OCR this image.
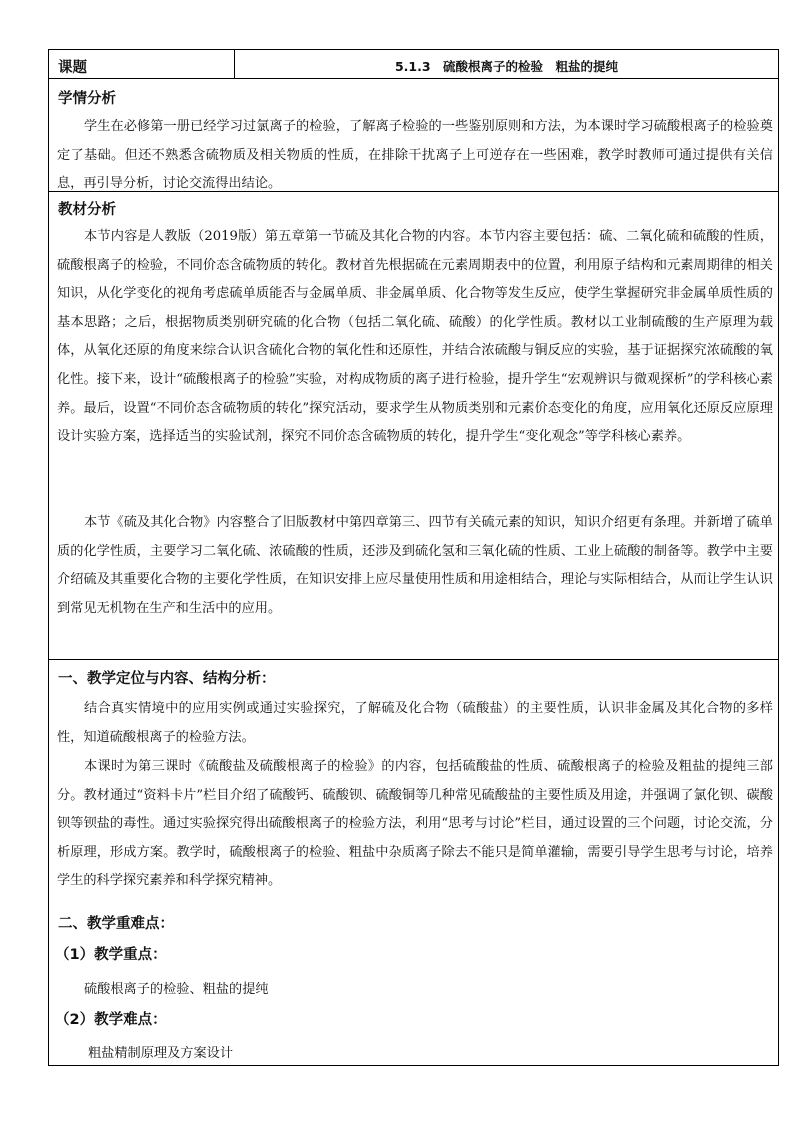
课题	5.1.3　硫酸根离子的检验　粗盐的提纯
学情分析
学生在必修第一册已经学习过氯离子的检验，了解离子检验的一些鉴别原则和方法，为本课时学习硫酸根离子的检验奠定了基础。但还不熟悉含硫物质及相关物质的性质，在排除干扰离子上可逆存在一些困难，教学时教师可通过提供有关信息，再引导分析，讨论交流得出结论。
教材分析
本节内容是人教版（2019版）第五章第一节硫及其化合物的内容。本节内容主要包括：硫、二氧化硫和硫酸的性质，硫酸根离子的检验，不同价态含硫物质的转化。教材首先根据硫在元素周期表中的位置，利用原子结构和元素周期律的相关知识，从化学变化的视角考虑硫单质能否与金属单质、非金属单质、化合物等发生反应，使学生掌握研究非金属单质性质的基本思路；之后，根据物质类别研究硫的化合物（包括二氧化硫、硫酸）的化学性质。教材以工业制硫酸的生产原理为载体，从氧化还原的角度来综合认识含硫化合物的氧化性和还原性，并结合浓硫酸与铜反应的实验，基于证据探究浓硫酸的氧化性。接下来，设计“硫酸根离子的检验”实验，对构成物质的离子进行检验，提升学生“宏观辨识与微观探析”的学科核心素养。最后，设置“不同价态含硫物质的转化”探究活动，要求学生从物质类别和元素价态变化的角度，应用氧化还原反应原理设计实验方案，选择适当的实验试剂，探究不同价态含硫物质的转化，提升学生“变化观念”等学科核心素养。
本节《硫及其化合物》内容整合了旧版教材中第四章第三、四节有关硫元素的知识，知识介绍更有条理。并新增了硫单质的化学性质，主要学习二氧化硫、浓硫酸的性质，还涉及到硫化氢和三氧化硫的性质、工业上硫酸的制备等。教学中主要介绍硫及其重要化合物的主要化学性质，在知识安排上应尽量使用性质和用途相结合，理论与实际相结合，从而让学生认识到常见无机物在生产和生活中的应用。
一、教学定位与内容、结构分析：
结合真实情境中的应用实例或通过实验探究，了解硫及化合物（硫酸盐）的主要性质，认识非金属及其化合物的多样性，知道硫酸根离子的检验方法。
本课时为第三课时《硫酸盐及硫酸根离子的检验》的内容，包括硫酸盐的性质、硫酸根离子的检验及粗盐的提纯三部分。教材通过“资料卡片”栏目介绍了硫酸钙、硫酸钡、硫酸铜等几种常见硫酸盐的主要性质及用途，并强调了氯化钡、碳酸钡等钡盐的毒性。通过实验探究得出硫酸根离子的检验方法，利用“思考与讨论”栏目，通过设置的三个问题，讨论交流，分析原理，形成方案。教学时，硫酸根离子的检验、粗盐中杂质离子除去不能只是简单灌输，需要引导学生思考与讨论，培养学生的科学探究素养和科学探究精神。
二、教学重难点：
（1）教学重点：
硫酸根离子的检验、粗盐的提纯
（2）教学难点：
粗盐精制原理及方案设计
